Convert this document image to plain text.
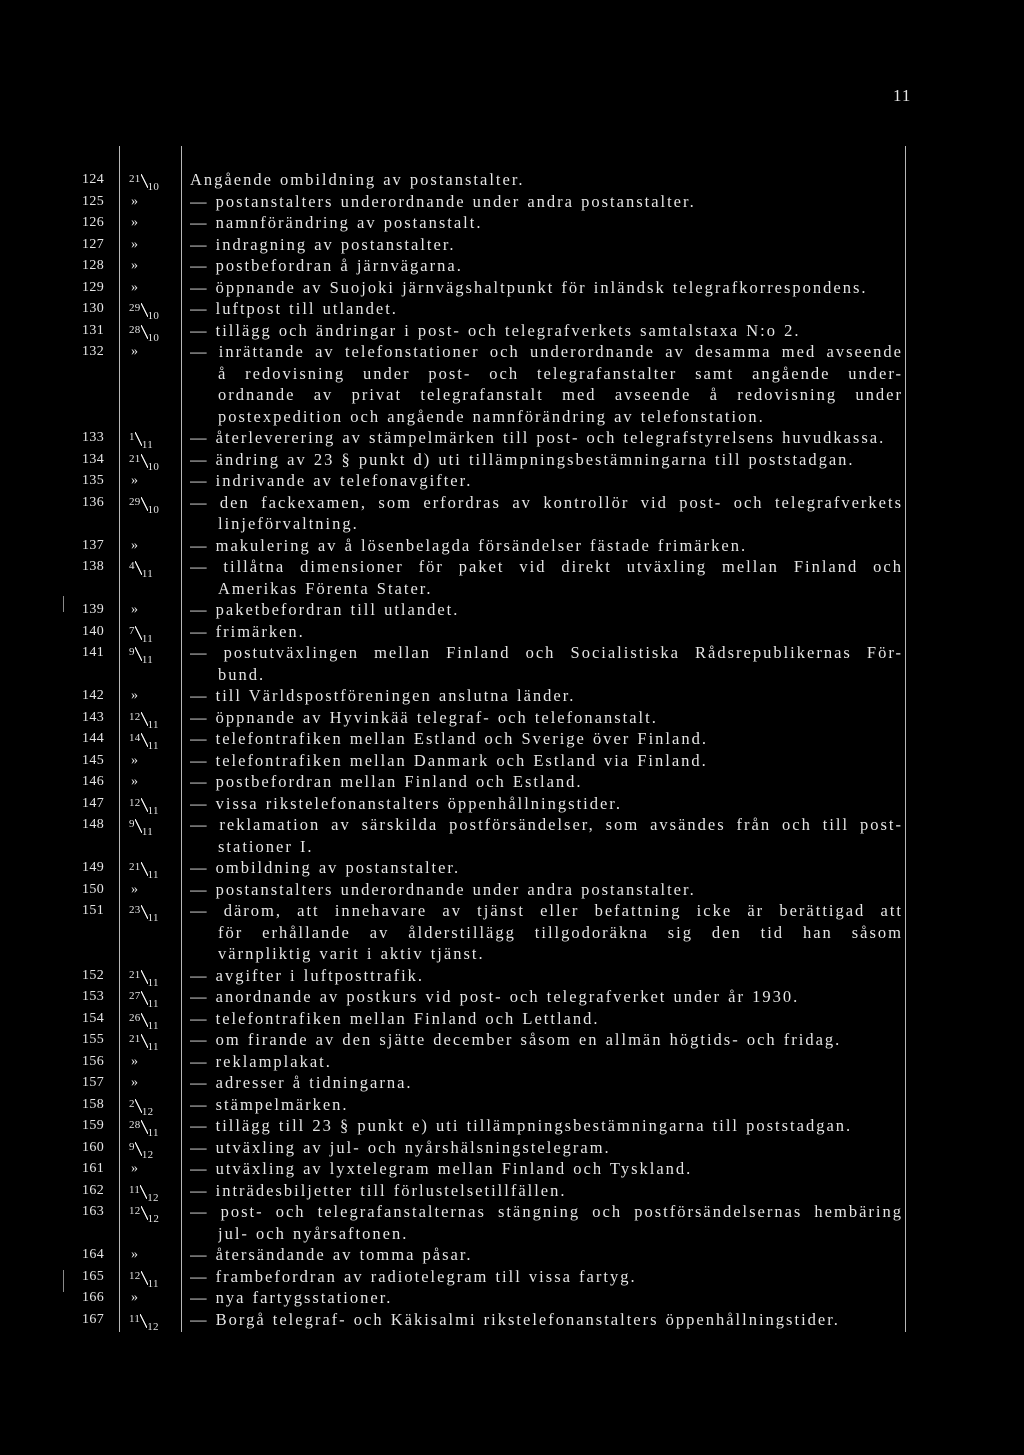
11
124 2110	Angående ombildning av postanstalter.
125 »	— postanstalters underordnande under andra postanstalter.
126 »	— namnförändring av postanstalt.
127 »	— indragning av postanstalter.
128 »	— postbefordran å järnvägarna.
129 »	— öppnande av Suojoki järnvägshaltpunkt för inländsk telegrafkorrespondens.
130 2910	— luftpost till utlandet.
131 2810	— tillägg och ändringar i post- och telegrafverkets samtalstaxa N:o 2.
132 »	— inrättande av telefonstationer och underordnande av desamma med avseende
å redovisning under post- och telegrafanstalter samt angående under-
ordnande av privat telegrafanstalt med avseende å redovisning under
postexpedition och angående namnförändring av telefonstation.
133 111	— återleverering av stämpelmärken till post- och telegrafstyrelsens huvudkassa.
134 2110	— ändring av 23 § punkt d) uti tillämpningsbestämningarna till poststadgan.
135 »	— indrivande av telefonavgifter.
136 2910	— den fackexamen, som erfordras av kontrollör vid post- och telegrafverkets
linjeförvaltning.
137 »	— makulering av å lösenbelagda försändelser fästade frimärken.
138 411	— tillåtna dimensioner för paket vid direkt utväxling mellan Finland och
Amerikas Förenta Stater.
139 »	— paketbefordran till utlandet.
140 711	— frimärken.
141 911	— postutväxlingen mellan Finland och Socialistiska Rådsrepublikernas För-
bund.
142 »	— till Världspostföreningen anslutna länder.
143 1211	— öppnande av Hyvinkää telegraf- och telefonanstalt.
144 1411	— telefontrafiken mellan Estland och Sverige över Finland.
145 »	— telefontrafiken mellan Danmark och Estland via Finland.
146 »	— postbefordran mellan Finland och Estland.
147 1211	— vissa rikstelefonanstalters öppenhållningstider.
148 911	— reklamation av särskilda postförsändelser, som avsändes från och till post-
stationer I.
149 2111	— ombildning av postanstalter.
150 »	— postanstalters underordnande under andra postanstalter.
151 2311	— därom, att innehavare av tjänst eller befattning icke är berättigad att
för erhållande av ålderstillägg tillgodoräkna sig den tid han såsom
värnpliktig varit i aktiv tjänst.
152 2111	— avgifter i luftposttrafik.
153 2711	— anordnande av postkurs vid post- och telegrafverket under år 1930.
154 2611	— telefontrafiken mellan Finland och Lettland.
155 2111	— om firande av den sjätte december såsom en allmän högtids- och fridag.
156 »	— reklamplakat.
157 »	— adresser å tidningarna.
158 212	— stämpelmärken.
159 2811	— tillägg till 23 § punkt e) uti tillämpningsbestämningarna till poststadgan.
160 912	— utväxling av jul- och nyårshälsningstelegram.
161 »	— utväxling av lyxtelegram mellan Finland och Tyskland.
162 1112	— inträdesbiljetter till förlustelsetillfällen.
163 1212	— post- och telegrafanstalternas stängning och postförsändelsernas hembäring
jul- och nyårsaftonen.
164 »	— återsändande av tomma påsar.
165 1211	— frambefordran av radiotelegram till vissa fartyg.
166 »	— nya fartygsstationer.
167 1112	— Borgå telegraf- och Käkisalmi rikstelefonanstalters öppenhållningstider.
